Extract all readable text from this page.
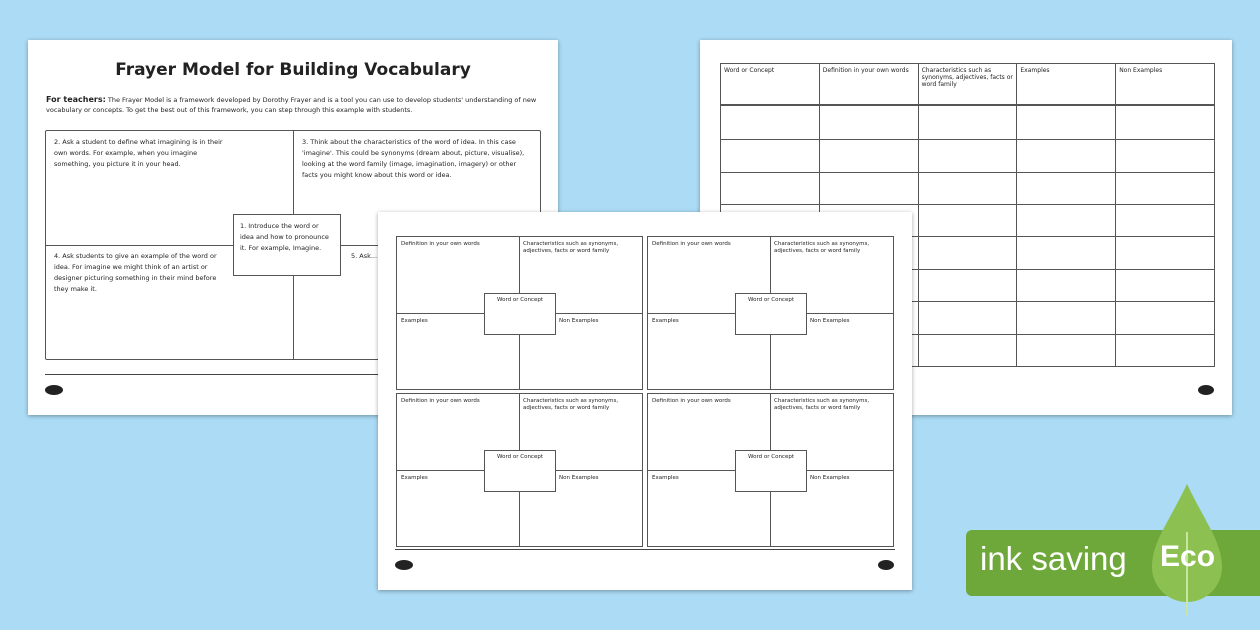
Frayer Model for Building Vocabulary
For teachers: The Frayer Model is a framework developed by Dorothy Frayer and is a tool you can use to develop students' understanding of new vocabulary or concepts. To get the best out of this framework, you can step through this example with students.
2. Ask a student to define what imagining is in their own words. For example, when you imagine something, you picture it in your head.
3. Think about the characteristics of the word of idea. In this case 'imagine'. This could be synonyms (dream about, picture, visualise), looking at the word family (image, imagination, imagery) or other facts you might know about this word or idea.
4. Ask students to give an example of the word or idea. For imagine we might think of an artist or designer picturing something in their mind before they make it.
5. Ask...
1. Introduce the word or idea and how to pronounce it. For example, Imagine.
Word or Concept	Definition in your own words	Characteristics such as synonyms, adjectives, facts or word family	Examples	Non Examples

Definition in your own words	Characteristics such as synonyms, adjectives, facts or word family
Examples	Non Examples
Word or Concept
Definition in your own words	Characteristics such as synonyms, adjectives, facts or word family
Examples	Non Examples
Word or Concept
Definition in your own words	Characteristics such as synonyms, adjectives, facts or word family
Examples	Non Examples
Word or Concept
Definition in your own words	Characteristics such as synonyms, adjectives, facts or word family
Examples	Non Examples
Word or Concept
ink saving Eco
